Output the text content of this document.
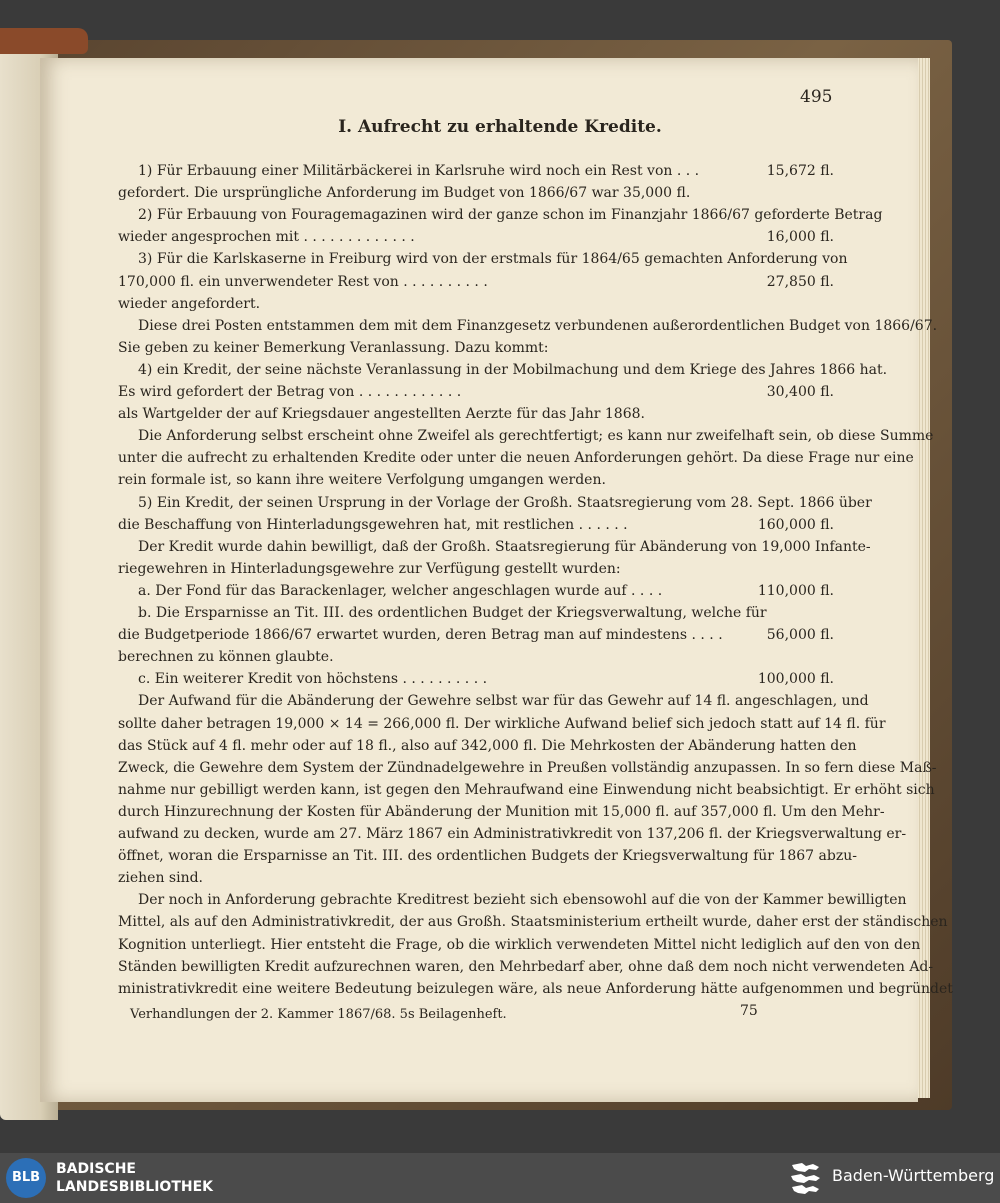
495
I. Aufrecht zu erhaltende Kredite.
1) Für Erbauung einer Militärbäckerei in Karlsruhe wird noch ein Rest von . . .	15,672 fl.
gefordert. Die ursprüngliche Anforderung im Budget von 1866/67 war 35,000 fl.
2) Für Erbauung von Fouragemagazinen wird der ganze schon im Finanzjahr 1866/67 geforderte Betrag
wieder angesprochen mit . . . . . . . . . . . . .	16,000 fl.
3) Für die Karlskaserne in Freiburg wird von der erstmals für 1864/65 gemachten Anforderung von
170,000 fl. ein unverwendeter Rest von . . . . . . . . . .	27,850 fl.
wieder angefordert.
Diese drei Posten entstammen dem mit dem Finanzgesetz verbundenen außerordentlichen Budget von 1866/67.
Sie geben zu keiner Bemerkung Veranlassung. Dazu kommt:
4) ein Kredit, der seine nächste Veranlassung in der Mobilmachung und dem Kriege des Jahres 1866 hat.
Es wird gefordert der Betrag von . . . . . . . . . . . .	30,400 fl.
als Wartgelder der auf Kriegsdauer angestellten Aerzte für das Jahr 1868.
Die Anforderung selbst erscheint ohne Zweifel als gerechtfertigt; es kann nur zweifelhaft sein, ob diese Summe
unter die aufrecht zu erhaltenden Kredite oder unter die neuen Anforderungen gehört. Da diese Frage nur eine
rein formale ist, so kann ihre weitere Verfolgung umgangen werden.
5) Ein Kredit, der seinen Ursprung in der Vorlage der Großh. Staatsregierung vom 28. Sept. 1866 über
die Beschaffung von Hinterladungsgewehren hat, mit restlichen . . . . . .	160,000 fl.
Der Kredit wurde dahin bewilligt, daß der Großh. Staatsregierung für Abänderung von 19,000 Infante-
riegewehren in Hinterladungsgewehre zur Verfügung gestellt wurden:
a. Der Fond für das Barackenlager, welcher angeschlagen wurde auf . . . .	110,000 fl.
b. Die Ersparnisse an Tit. III. des ordentlichen Budget der Kriegsverwaltung, welche für
die Budgetperiode 1866/67 erwartet wurden, deren Betrag man auf mindestens . . . .	56,000 fl.
berechnen zu können glaubte.
c. Ein weiterer Kredit von höchstens . . . . . . . . . .	100,000 fl.
Der Aufwand für die Abänderung der Gewehre selbst war für das Gewehr auf 14 fl. angeschlagen, und
sollte daher betragen 19,000 × 14 = 266,000 fl. Der wirkliche Aufwand belief sich jedoch statt auf 14 fl. für
das Stück auf 4 fl. mehr oder auf 18 fl., also auf 342,000 fl. Die Mehrkosten der Abänderung hatten den
Zweck, die Gewehre dem System der Zündnadelgewehre in Preußen vollständig anzupassen. In so fern diese Maß-
nahme nur gebilligt werden kann, ist gegen den Mehraufwand eine Einwendung nicht beabsichtigt. Er erhöht sich
durch Hinzurechnung der Kosten für Abänderung der Munition mit 15,000 fl. auf 357,000 fl. Um den Mehr-
aufwand zu decken, wurde am 27. März 1867 ein Administrativkredit von 137,206 fl. der Kriegsverwaltung er-
öffnet, woran die Ersparnisse an Tit. III. des ordentlichen Budgets der Kriegsverwaltung für 1867 abzu-
ziehen sind.
Der noch in Anforderung gebrachte Kreditrest bezieht sich ebensowohl auf die von der Kammer bewilligten
Mittel, als auf den Administrativkredit, der aus Großh. Staatsministerium ertheilt wurde, daher erst der ständischen
Kognition unterliegt. Hier entsteht die Frage, ob die wirklich verwendeten Mittel nicht lediglich auf den von den
Ständen bewilligten Kredit aufzurechnen waren, den Mehrbedarf aber, ohne daß dem noch nicht verwendeten Ad-
ministrativkredit eine weitere Bedeutung beizulegen wäre, als neue Anforderung hätte aufgenommen und begründet
Verhandlungen der 2. Kammer 1867/68. 5s Beilagenheft.	75
BLB
BADISCHE
LANDESBIBLIOTHEK
Baden-Württemberg
